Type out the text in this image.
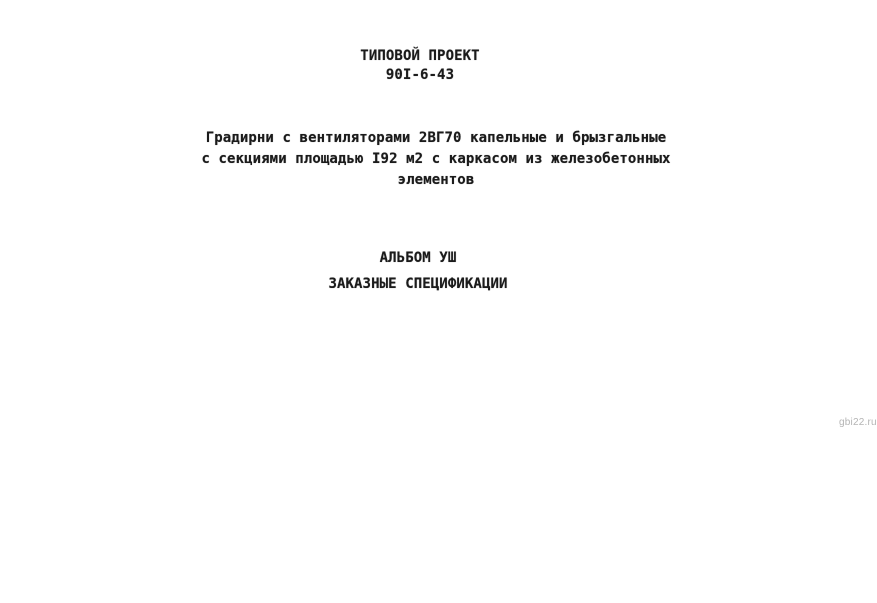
ТИПОВОЙ ПРОЕКТ
90I-6-43
Градирни с вентиляторами 2ВГ70 капельные и брызгальные
с секциями площадью I92 м2 с каркасом из железобетонных
элементов
АЛЬБОМ УШ
ЗАКАЗНЫЕ СПЕЦИФИКАЦИИ
gbi22.ru
